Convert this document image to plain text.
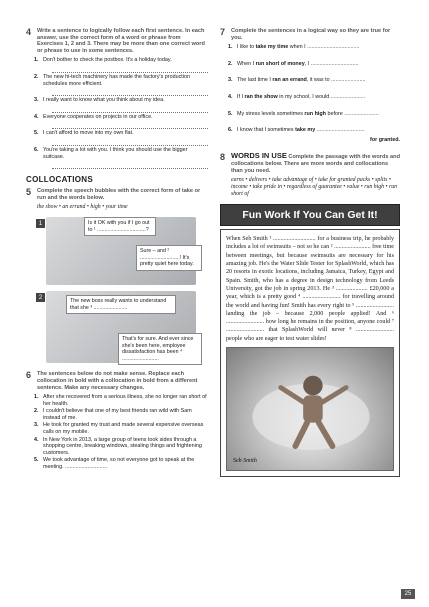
4	Write a sentence to logically follow each first sentence. In each answer, use the correct form of a word or phrase from Exercises 1, 2 and 3. There may be more than one correct word or phrase to use in some sentences.
1. Don't bother to check the postbox. It's a holiday today.
2. The new hi-tech machinery has made the factory's production schedules more efficient.
3. I really want to know what you think about my idea.
4. Everyone cooperates on projects in our office.
5. I can't afford to move into my own flat.
6. You're taking a lot with you. I think you should use the bigger suitcase.
COLLOCATIONS
5	Complete the speech bubbles with the correct form of take or run and the words below.
the show • an errand • high • your time
1	Is it OK with you if I go out to ¹ .................................?
Sure – and ² ...........................! It's pretty quiet here today.
2
The new boss really wants to understand that she ³ .......................
That's for sure. And ever since she's been here, employee dissatisfaction has been ⁴ .........................
6	The sentences below do not make sense. Replace each collocation in bold with a collocation in bold from a different sentence. Make any necessary changes.
1. After she recovered from a serious illness, she no longer ran short of her health.
2. I couldn't believe that one of my best friends ran wild with Sam instead of me.
3. He took for granted my trust and made several expensive overseas calls on my mobile.
4. In New York in 2013, a large group of teens took sides through a shopping centre, breaking windows, stealing things and frightening customers.
5. We took advantage of time, so not everyone got to speak at the meeting. ............................
7	Complete the sentences in a logical way so they are true for you.
1. I like to take my time when I ...................................
2. When I run short of money, I ................................
3. The last time I ran an errand, it was to .......................
4. If I ran the show in my school, I would .......................
5. My stress levels sometimes run high before .......................
6. I know that I sometimes take my ................................
for granted.
8 WORDS IN USE Complete the passage with the words and collocations below. There are more words and collocations than you need.
earns • delivers • take advantage of • take for granted packs • splits • income • take pride in • regardless of guarantee • value • run high • run short of
Fun Work If You Can Get It!

When Seb Smith ¹ ............................ for a business trip, he probably includes a lot of swimsuits – not so he can ² ........................ free time between meetings, but because swimsuits are necessary for his amazing job. He's the Water Slide Tester for SplashWorld, which has 20 resorts in exotic locations, including Jamaica, Turkey, Egypt and Spain. Smith, who has a degree in design technology from Leeds University, got the job in spring 2013. He ³ ..................... £20,000 a year, which is a pretty good ⁴ ......................... for travelling around the world and having fun! Smith has every right to ⁵ ......................... landing the job – because 2,000 people applied! And ⁶ ......................... how long he remains in the position, anyone could ⁷ ......................... that SplashWorld will never ⁸ ......................... people who are eager to test water slides!

Seb Smith
25
